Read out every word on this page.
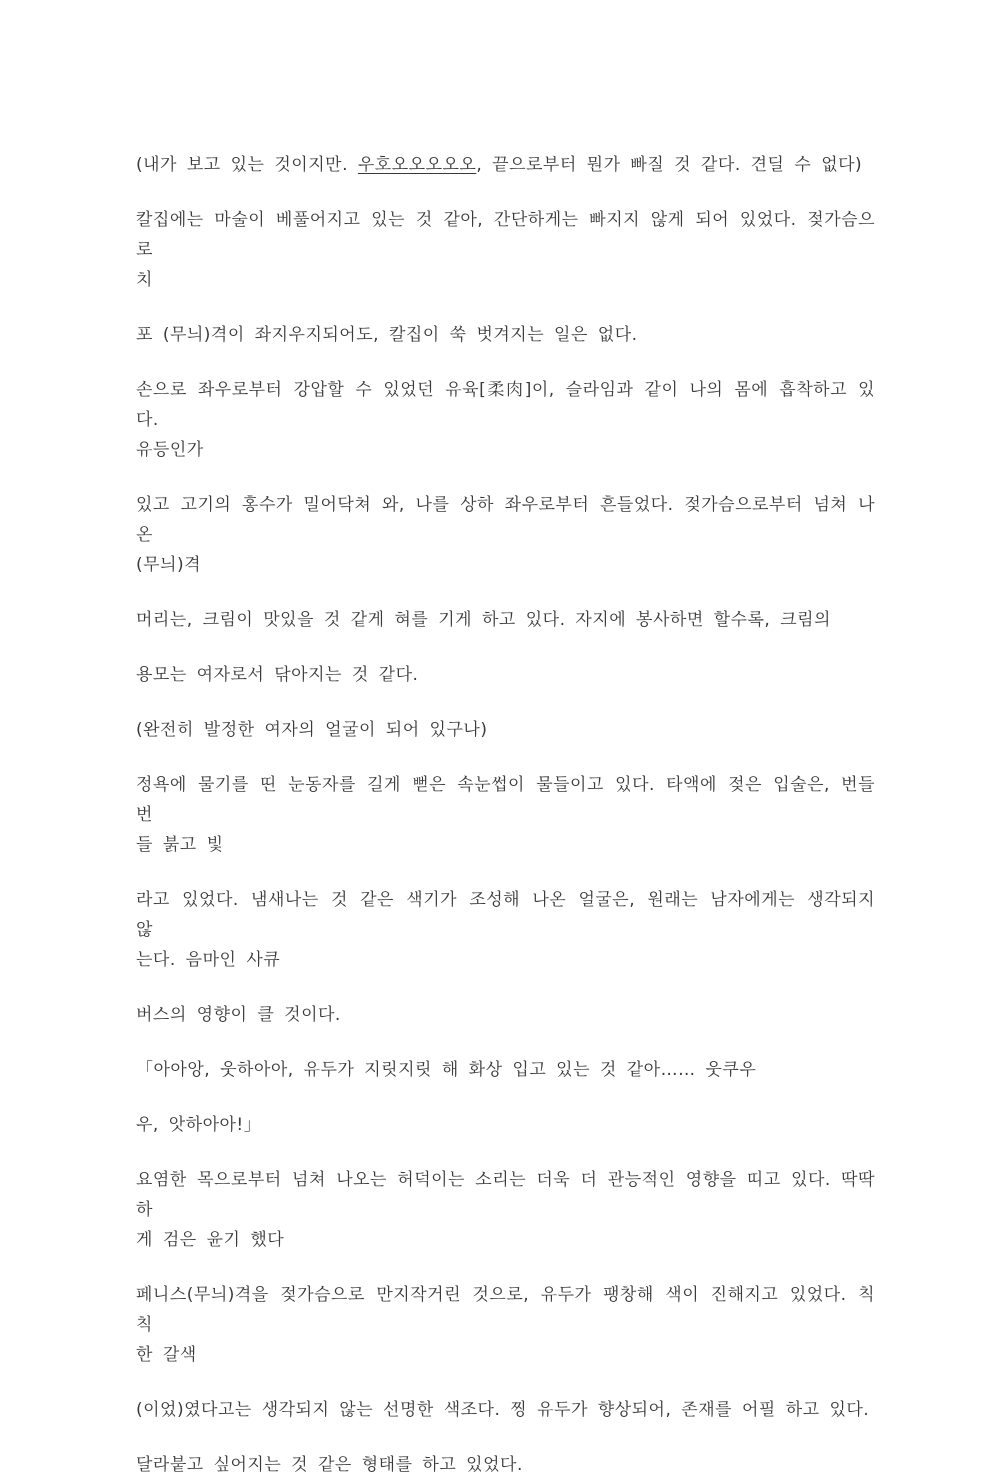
(내가 보고 있는 것이지만. 우호오오오오오, 끝으로부터 뭔가 빠질 것 같다. 견딜 수 없다)
칼집에는 마술이 베풀어지고 있는 것 같아, 간단하게는 빠지지 않게 되어 있었다. 젖가슴으로
치
포 (무늬)격이 좌지우지되어도, 칼집이 쑥 벗겨지는 일은 없다.
손으로 좌우로부터 강압할 수 있었던 유육[柔肉]이, 슬라임과 같이 나의 몸에 흡착하고 있다.
유등인가
있고 고기의 홍수가 밀어닥쳐 와, 나를 상하 좌우로부터 흔들었다. 젖가슴으로부터 넘쳐 나온
(무늬)격
머리는, 크림이 맛있을 것 같게 혀를 기게 하고 있다. 자지에 봉사하면 할수록, 크림의
용모는 여자로서 닦아지는 것 같다.
(완전히 발정한 여자의 얼굴이 되어 있구나)
정욕에 물기를 띤 눈동자를 길게 뻗은 속눈썹이 물들이고 있다. 타액에 젖은 입술은, 번들번
들 붉고 빛
라고 있었다. 냄새나는 것 같은 색기가 조성해 나온 얼굴은, 원래는 남자에게는 생각되지 않
는다. 음마인 사큐
버스의 영향이 클 것이다.
「아아앙, 웃하아아, 유두가 지릿지릿 해 화상 입고 있는 것 같아…… 웃쿠우
우, 앗하아아!」
요염한 목으로부터 넘쳐 나오는 허덕이는 소리는 더욱 더 관능적인 영향을 띠고 있다. 딱딱하
게 검은 윤기 했다
페니스(무늬)격을 젖가슴으로 만지작거린 것으로, 유두가 팽창해 색이 진해지고 있었다. 칙칙
한 갈색
(이었)였다고는 생각되지 않는 선명한 색조다. 찡 유두가 향상되어, 존재를 어필 하고 있다.
달라붙고 싶어지는 것 같은 형태를 하고 있었다.
